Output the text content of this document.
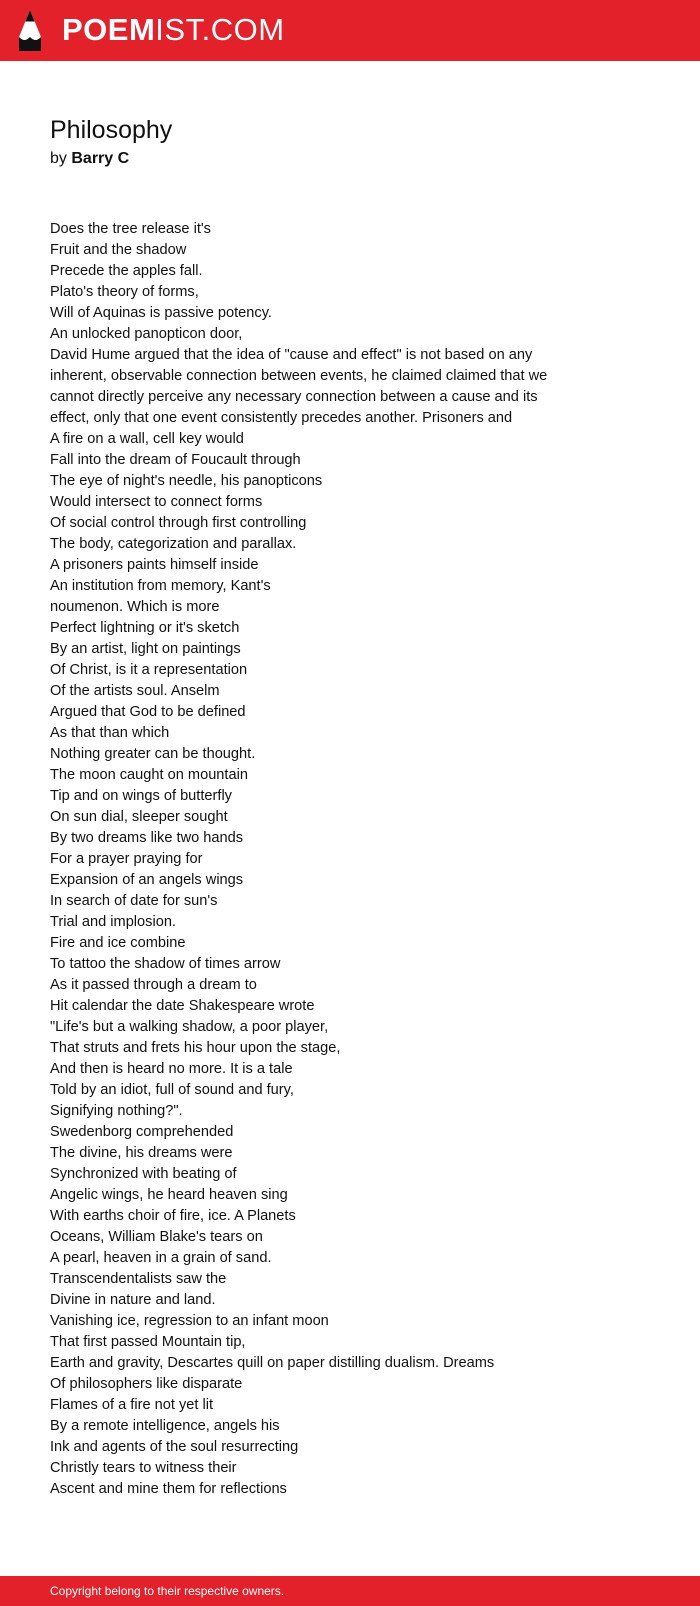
POEMIST.COM
Philosophy
by Barry C
Does the tree release it's
Fruit and the shadow
Precede the apples fall.
Plato's theory of forms,
Will of Aquinas is passive potency.
An unlocked panopticon door,
David Hume argued that the idea of "cause and effect" is not based on any
inherent, observable connection between events, he claimed claimed that we
cannot directly perceive any necessary connection between a cause and its
effect, only that one event consistently precedes another. Prisoners and
A fire on a wall, cell key would
Fall into the dream of Foucault through
The eye of night's needle, his panopticons
Would intersect to connect forms
Of social control through first controlling
The body, categorization and parallax.
A prisoners paints himself inside
An institution from memory, Kant's
noumenon. Which is more
Perfect lightning or it's sketch
By an artist, light on paintings
Of Christ, is it a representation
Of the artists soul. Anselm
Argued that God to be defined
As that than which
Nothing greater can be thought.
The moon caught on mountain
Tip and on wings of butterfly
On sun dial, sleeper sought
By two dreams like two hands
For a prayer praying for
Expansion of an angels wings
In search of date for sun's
Trial and implosion.
Fire and ice combine
To tattoo the shadow of times arrow
As it passed through a dream to
Hit calendar the date Shakespeare wrote
"Life's but a walking shadow, a poor player,
That struts and frets his hour upon the stage,
And then is heard no more. It is a tale
Told by an idiot, full of sound and fury,
Signifying nothing?".
Swedenborg comprehended
The divine, his dreams were
Synchronized with beating of
Angelic wings, he heard heaven sing
With earths choir of fire, ice. A Planets
Oceans, William Blake's tears on
A pearl, heaven in a grain of sand.
Transcendentalists saw the
Divine in nature and land.
Vanishing ice, regression to an infant moon
That first passed Mountain tip,
Earth and gravity, Descartes quill on paper distilling dualism. Dreams
Of philosophers like disparate
Flames of a fire not yet lit
By a remote intelligence, angels his
Ink and agents of the soul resurrecting
Christly tears to witness their
Ascent and mine them for reflections
Copyright belong to their respective owners.
